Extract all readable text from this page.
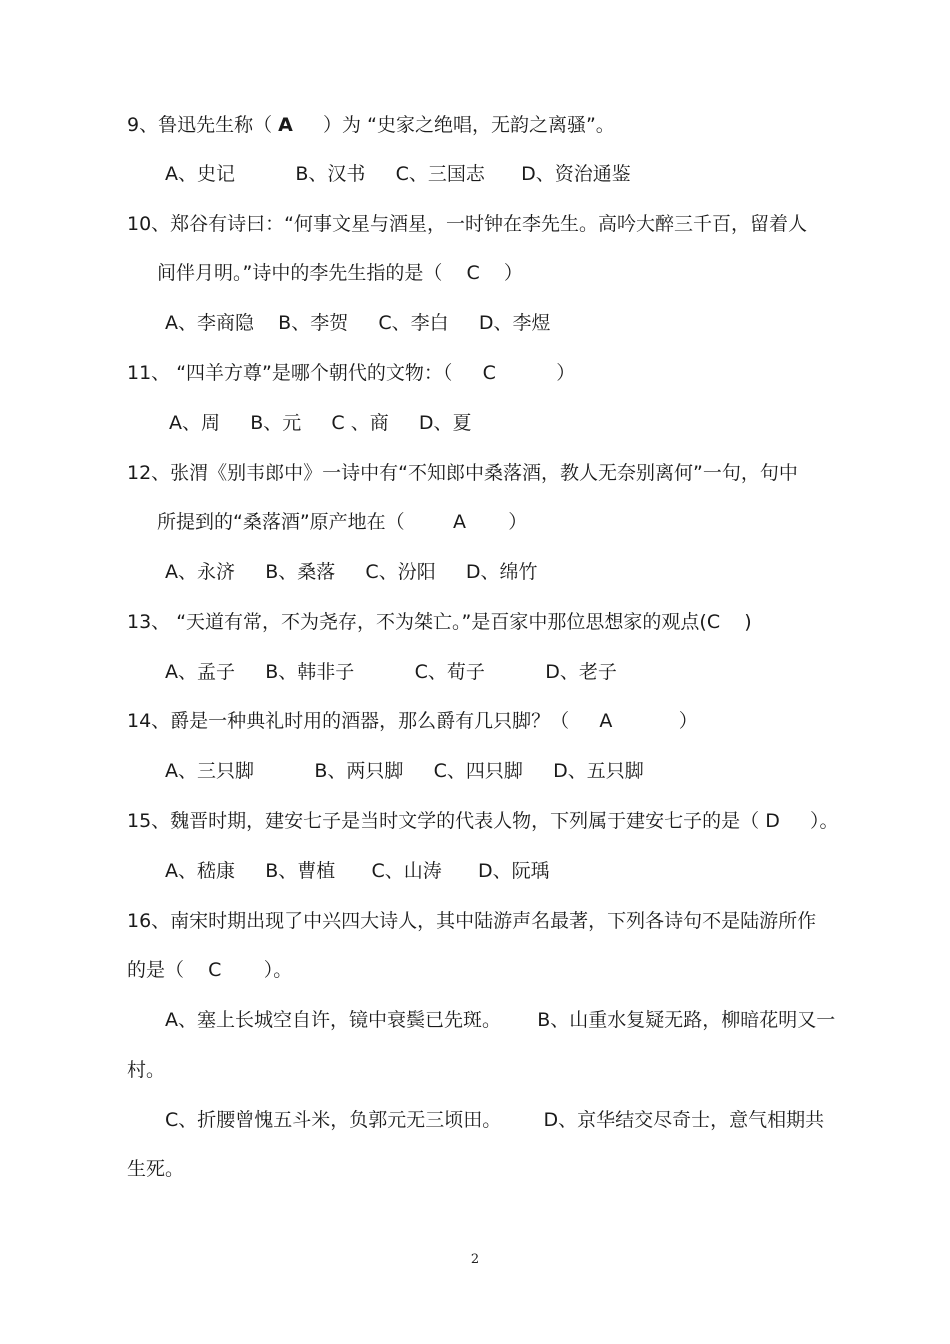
9、鲁迅先生称（ A     ）为 “史家之绝唱，无韵之离骚”。
A、史记          B、汉书     C、三国志      D、资治通鉴
10、郑谷有诗曰：“何事文星与酒星，一时钟在李先生。高吟大醉三千百，留着人
间伴月明。”诗中的李先生指的是（    C    ）
A、李商隐    B、李贺     C、李白     D、李煜
11、 “四羊方尊”是哪个朝代的文物：（     C          ）
A、周     B、元     C 、商     D、夏
12、张渭《别韦郎中》一诗中有“不知郎中桑落酒，教人无奈别离何”一句，句中
所提到的“桑落酒”原产地在（        A       ）
A、永济     B、桑落     C、汾阳     D、绵竹
13、 “天道有常，不为尧存，不为桀亡。”是百家中那位思想家的观点(C    )
A、孟子     B、韩非子          C、荀子          D、老子
14、爵是一种典礼时用的酒器，那么爵有几只脚？（     A           ）
A、三只脚          B、两只脚     C、四只脚     D、五只脚
15、魏晋时期，建安七子是当时文学的代表人物，下列属于建安七子的是（ D     ）。
A、嵇康     B、曹植      C、山涛      D、阮瑀
16、南宋时期出现了中兴四大诗人，其中陆游声名最著，下列各诗句不是陆游所作
的是（    C       ）。
A、塞上长城空自许，镜中衰鬓已先斑。      B、山重水复疑无路，柳暗花明又一
村。
C、折腰曾愧五斗米，负郭元无三顷田。       D、京华结交尽奇士，意气相期共
生死。
2
